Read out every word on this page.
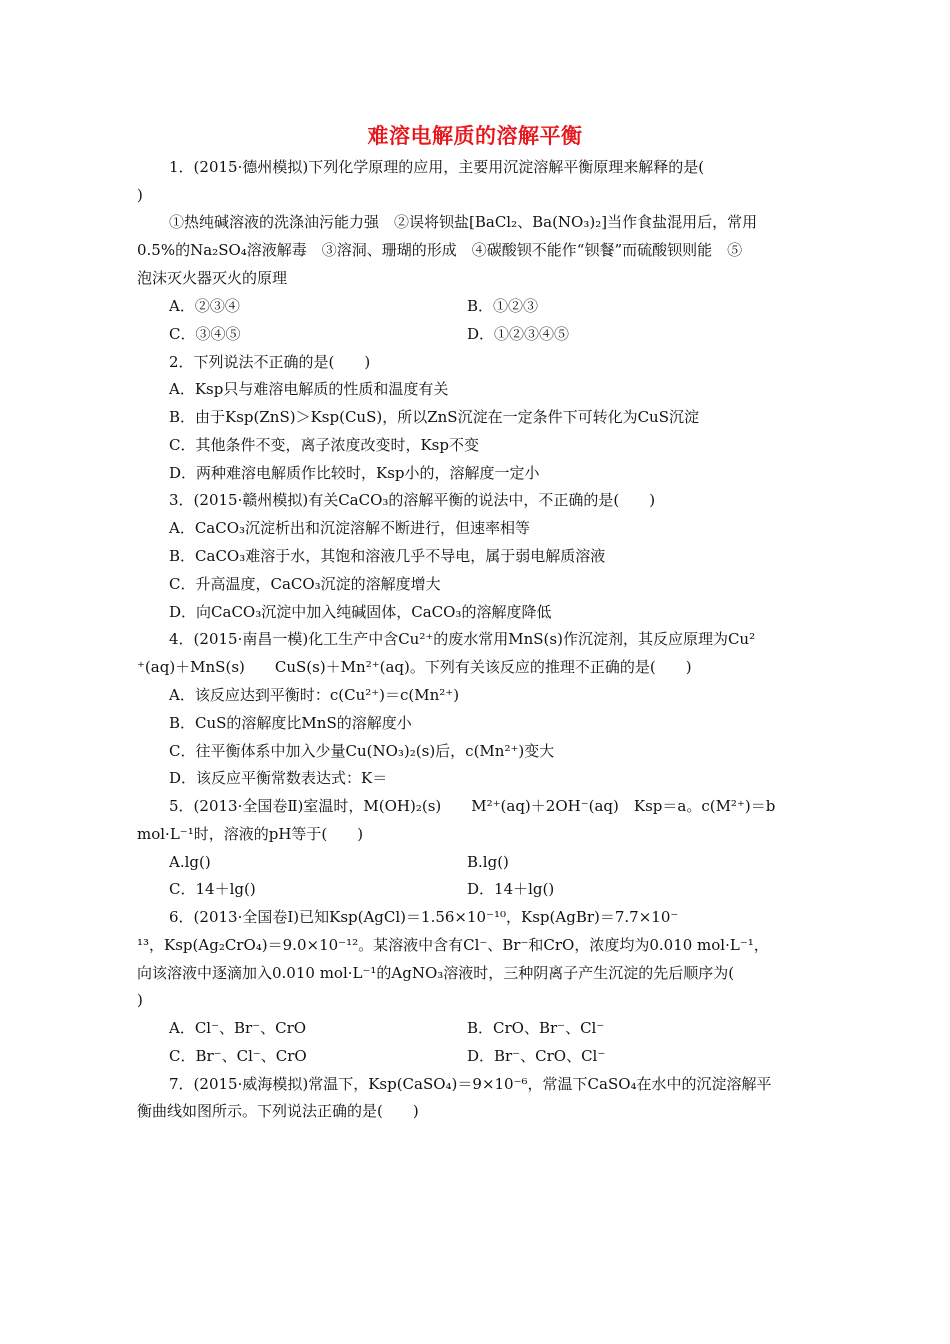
难溶电解质的溶解平衡
1．(2015·德州模拟)下列化学原理的应用，主要用沉淀溶解平衡原理来解释的是(
)
①热纯碱溶液的洗涤油污能力强　②误将钡盐[BaCl₂、Ba(NO₃)₂]当作食盐混用后，常用
0.5%的Na₂SO₄溶液解毒　③溶洞、珊瑚的形成　④碳酸钡不能作“钡餐”而硫酸钡则能　⑤
泡沫灭火器灭火的原理
A．②③④	B．①②③
C．③④⑤	D．①②③④⑤
2．下列说法不正确的是(　　)
A．Ksp只与难溶电解质的性质和温度有关
B．由于Ksp(ZnS)＞Ksp(CuS)，所以ZnS沉淀在一定条件下可转化为CuS沉淀
C．其他条件不变，离子浓度改变时，Ksp不变
D．两种难溶电解质作比较时，Ksp小的，溶解度一定小
3．(2015·赣州模拟)有关CaCO₃的溶解平衡的说法中，不正确的是(　　)
A．CaCO₃沉淀析出和沉淀溶解不断进行，但速率相等
B．CaCO₃难溶于水，其饱和溶液几乎不导电，属于弱电解质溶液
C．升高温度，CaCO₃沉淀的溶解度增大
D．向CaCO₃沉淀中加入纯碱固体，CaCO₃的溶解度降低
4．(2015·南昌一模)化工生产中含Cu²⁺的废水常用MnS(s)作沉淀剂，其反应原理为Cu²
⁺(aq)＋MnS(s)　　CuS(s)＋Mn²⁺(aq)。下列有关该反应的推理不正确的是(　　)
A．该反应达到平衡时：c(Cu²⁺)＝c(Mn²⁺)
B．CuS的溶解度比MnS的溶解度小
C．往平衡体系中加入少量Cu(NO₃)₂(s)后，c(Mn²⁺)变大
D．该反应平衡常数表达式：K＝
5．(2013·全国卷Ⅱ)室温时，M(OH)₂(s)　　M²⁺(aq)＋2OH⁻(aq)　Ksp＝a。c(M²⁺)＝b
mol·L⁻¹时，溶液的pH等于(　　)
A.lg()	B.lg()
C．14＋lg()	D．14＋lg()
6．(2013·全国卷Ⅰ)已知Ksp(AgCl)＝1.56×10⁻¹⁰，Ksp(AgBr)＝7.7×10⁻
¹³，Ksp(Ag₂CrO₄)＝9.0×10⁻¹²。某溶液中含有Cl⁻、Br⁻和CrO，浓度均为0.010 mol·L⁻¹，
向该溶液中逐滴加入0.010 mol·L⁻¹的AgNO₃溶液时，三种阴离子产生沉淀的先后顺序为(
)
A．Cl⁻、Br⁻、CrO	B．CrO、Br⁻、Cl⁻
C．Br⁻、Cl⁻、CrO	D．Br⁻、CrO、Cl⁻
7．(2015·威海模拟)常温下，Ksp(CaSO₄)＝9×10⁻⁶，常温下CaSO₄在水中的沉淀溶解平
衡曲线如图所示。下列说法正确的是(　　)
